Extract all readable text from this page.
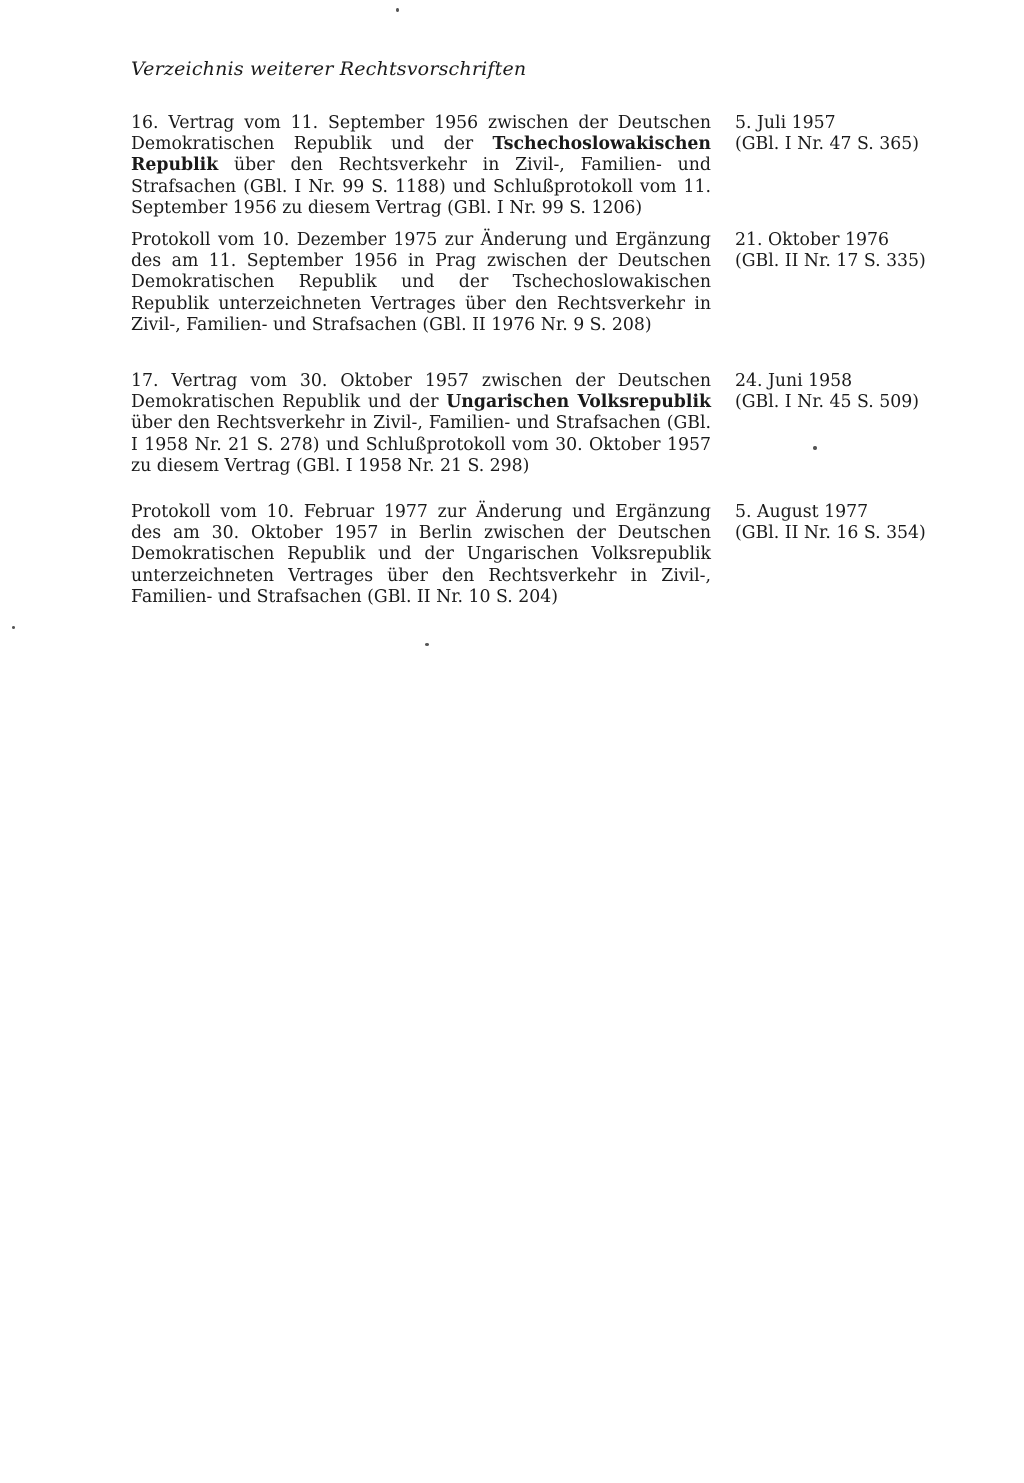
Verzeichnis weiterer Rechtsvorschriften

16. Vertrag vom 11. September 1956 zwischen der Deutschen Demokratischen Republik und der Tschechoslowakischen Republik über den Rechtsverkehr in Zivil-, Familien- und Strafsachen (GBl. I Nr. 99 S. 1188) und Schlußprotokoll vom 11. September 1956 zu diesem Vertrag (GBl. I Nr. 99 S. 1206)

5. Juli 1957
(GBl. I Nr. 47 S. 365)

Protokoll vom 10. Dezember 1975 zur Änderung und Ergänzung des am 11. September 1956 in Prag zwischen der Deutschen Demokratischen Republik und der Tschechoslowakischen Republik unterzeichneten Vertrages über den Rechtsverkehr in Zivil-, Familien- und Strafsachen (GBl. II 1976 Nr. 9 S. 208)

21. Oktober 1976
(GBl. II Nr. 17 S. 335)

17. Vertrag vom 30. Oktober 1957 zwischen der Deutschen Demokratischen Republik und der Ungarischen Volksrepublik über den Rechtsverkehr in Zivil-, Familien- und Strafsachen (GBl. I 1958 Nr. 21 S. 278) und Schlußprotokoll vom 30. Oktober 1957 zu diesem Vertrag (GBl. I 1958 Nr. 21 S. 298)

24. Juni 1958
(GBl. I Nr. 45 S. 509)

Protokoll vom 10. Februar 1977 zur Änderung und Ergänzung des am 30. Oktober 1957 in Berlin zwischen der Deutschen Demokratischen Republik und der Ungarischen Volksrepublik unterzeichneten Vertrages über den Rechtsverkehr in Zivil-, Familien- und Strafsachen (GBl. II Nr. 10 S. 204)

5. August 1977
(GBl. II Nr. 16 S. 354)
